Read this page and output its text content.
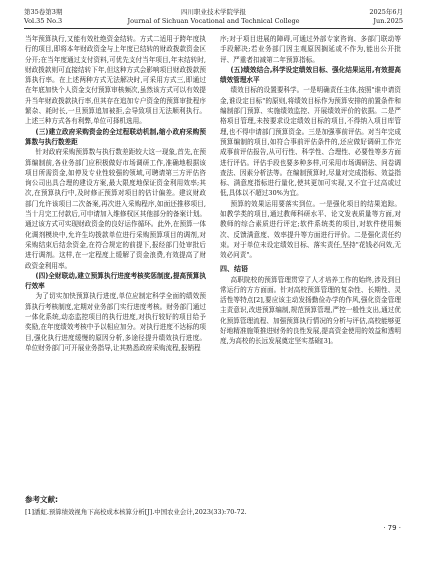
第35卷第3期
Vol.35 No.3
四川职业技术学院学报
Journal of Sichuan Vocational and Technical College
2025年6月
Jun.2025

当年预算执行,又能有效杜绝资金结转。方式二适用于跨年度执行的项目,即将本年财政资金与上年度已结转的财政拨款资金区分开;在当年度通过支付资料,可优先支付当年项目,年末结转时,财政拨款则可直接结转下年,但这种方式会影响项目财政拨款预算执行率。在上述两种方式无法解决时,可采用方式三,即通过在年底加快个人资金支付预算审核频次,虽然该方式可以有效提升当年财政拨款执行率,但其存在追加专户资金的预算审批程序繁杂、耗时长,一旦预算追加被拒,会导致项目无法顺利执行。上述三种方式各有利弊,单位可择机选用。

(三)建立政府采购资金的全过程联动机制,缩小政府采购预算数与执行数差距

针对政府采购预算数与执行数差距较大这一现象,首先,在预算编制前,各业务部门应积极做好市场调研工作,准确地根据该项目所需资金,如停及专业性较强的领域,可聘请第三方评估咨询公司出具合理的建设方案,最大限度地保证资金利用效率;其次,在预算执行中,及时修正预算对项目的估计偏差。建议财政部门允许该项目二次备案,再次进入采购程序,如面还推移项目,当十月完工付款后,可申请加入维修权区其他部分的备案计划。通过该方式可实现财政资金的良好运作循环。此外,在预算一体化调剂模块中,允许生均拨款单位进行采购预算项目的调剂,对采购结束后结余资金,在符合规定的前提下,报经部门处审批后进行调剂。这样,在一定程度上缓解了资金浪费,有效提高了财政资金利用率。

(四)全财联动,建立预算执行进度考核奖惩制度,提高预算执行效率

为了切实加快预算执行进度,单位应制定科学全面的绩效预算执行考核制度,定期对业务部门实行进度考核。财务部门通过一体化系统,动态监控项目的执行进度,对执行较好的项目给予奖励,在年度绩效考核中予以相应加分。对执行进度不达标的项目,强化执行进度缓慢的原因分析,多途径提升绩效执行进度。单位财务部门可开展业务指导,让其熟悉政府采购流程,报销程

序;对于项目进展的障碍,可通过外部专家咨询、多部门联动等手段解决;若业务部门因主观原因搁延或不作为,能出公开批评、严重者扣减第二年预算指标。

(五)绩效结合,科学设定绩效目标、强化结果运用,有效提高绩效管理水平

绩效目标的设置要科学。一是明确责任主体,按照"谁申请资金,谁设定目标"的原则,将绩效目标作为预算安排的前置条件和编制部门预算、实施绩效监控、开展绩效评价的依据。二是严格项目管理,未按要求设定绩效目标的项目,不得纳入项目库管理,也不得申请部门预算资金。三是加强事前评估。对当年完成预算编制的项目,如符合事前评估条件的,还应做好调研工作完成事前评估报告,从可行性、科学性、合理性、必要性等多方面进行评估。评估手段也要多种多样,可采用市场调研法、问卷调查法、因素分析法等。在编制预算时,尽量对完成指标、效益指标、满意度指标进行量化,使其更加可实现,又不宜于过高或过低,具体以不超过30%为宜。

预算的效果运用要落实到位。一是强化项目的结果追踪。如教学类的项目,通过教师科研水平、论文发表质量等方面,对教师的综合素质进行评定;软件系统类的项目,对软件使用频次、反馈满意度、效率提升等方面进行评价。二是强化责任约束。对于单位未设定绩效目标、落实责任,坚持"花钱必问效,无效必问责"。

四、结语

高职院校的预算管理贯穿了人才培养工作的始终,涉及到日常运行的方方面面。针对高校预算管理的复杂性、长期性、灵活性等特点[2],要应该主动发扬勤俭办学的作风,强化资金管理主责意识,改进预算编制,规范预算管理,严控一般性支出,通过优化预算管理流程、加强预算执行情况的分析与评估,高校能够更好地精准施策推进财务的良性发展,提高资金使用的效益和透明度,为高校的长远发展奠定坚实基础[3]。

参考文献:
[1]潘虹.预算绩效视角下高校成本核算分析[J].中国农业会计,2023(33):70-72.
· 79 ·
